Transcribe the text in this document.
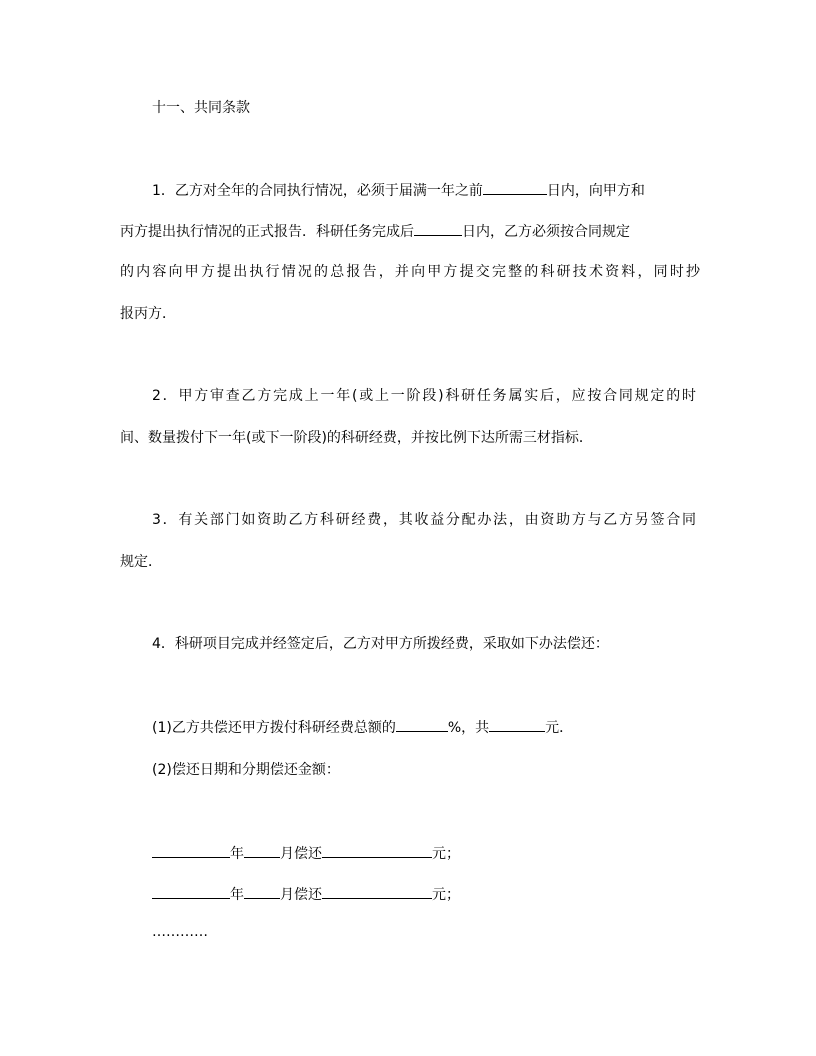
十一、共同条款
1．乙方对全年的合同执行情况，必须于届满一年之前	日内，向甲方和
丙方提出执行情况的正式报告．科研任务完成后	日内，乙方必须按合同规定
的内容向甲方提出执行情况的总报告，并向甲方提交完整的科研技术资料，同时抄
报丙方．
2．甲方审查乙方完成上一年(或上一阶段)科研任务属实后，应按合同规定的时
间、数量拨付下一年(或下一阶段)的科研经费，并按比例下达所需三材指标．
3．有关部门如资助乙方科研经费，其收益分配办法，由资助方与乙方另签合同
规定．
4．科研项目完成并经签定后，乙方对甲方所拨经费，采取如下办法偿还：
(1)乙方共偿还甲方拨付科研经费总额的	%，共	元．
(2)偿还日期和分期偿还金额：
年	月偿还	元；
年	月偿还	元；
…………
